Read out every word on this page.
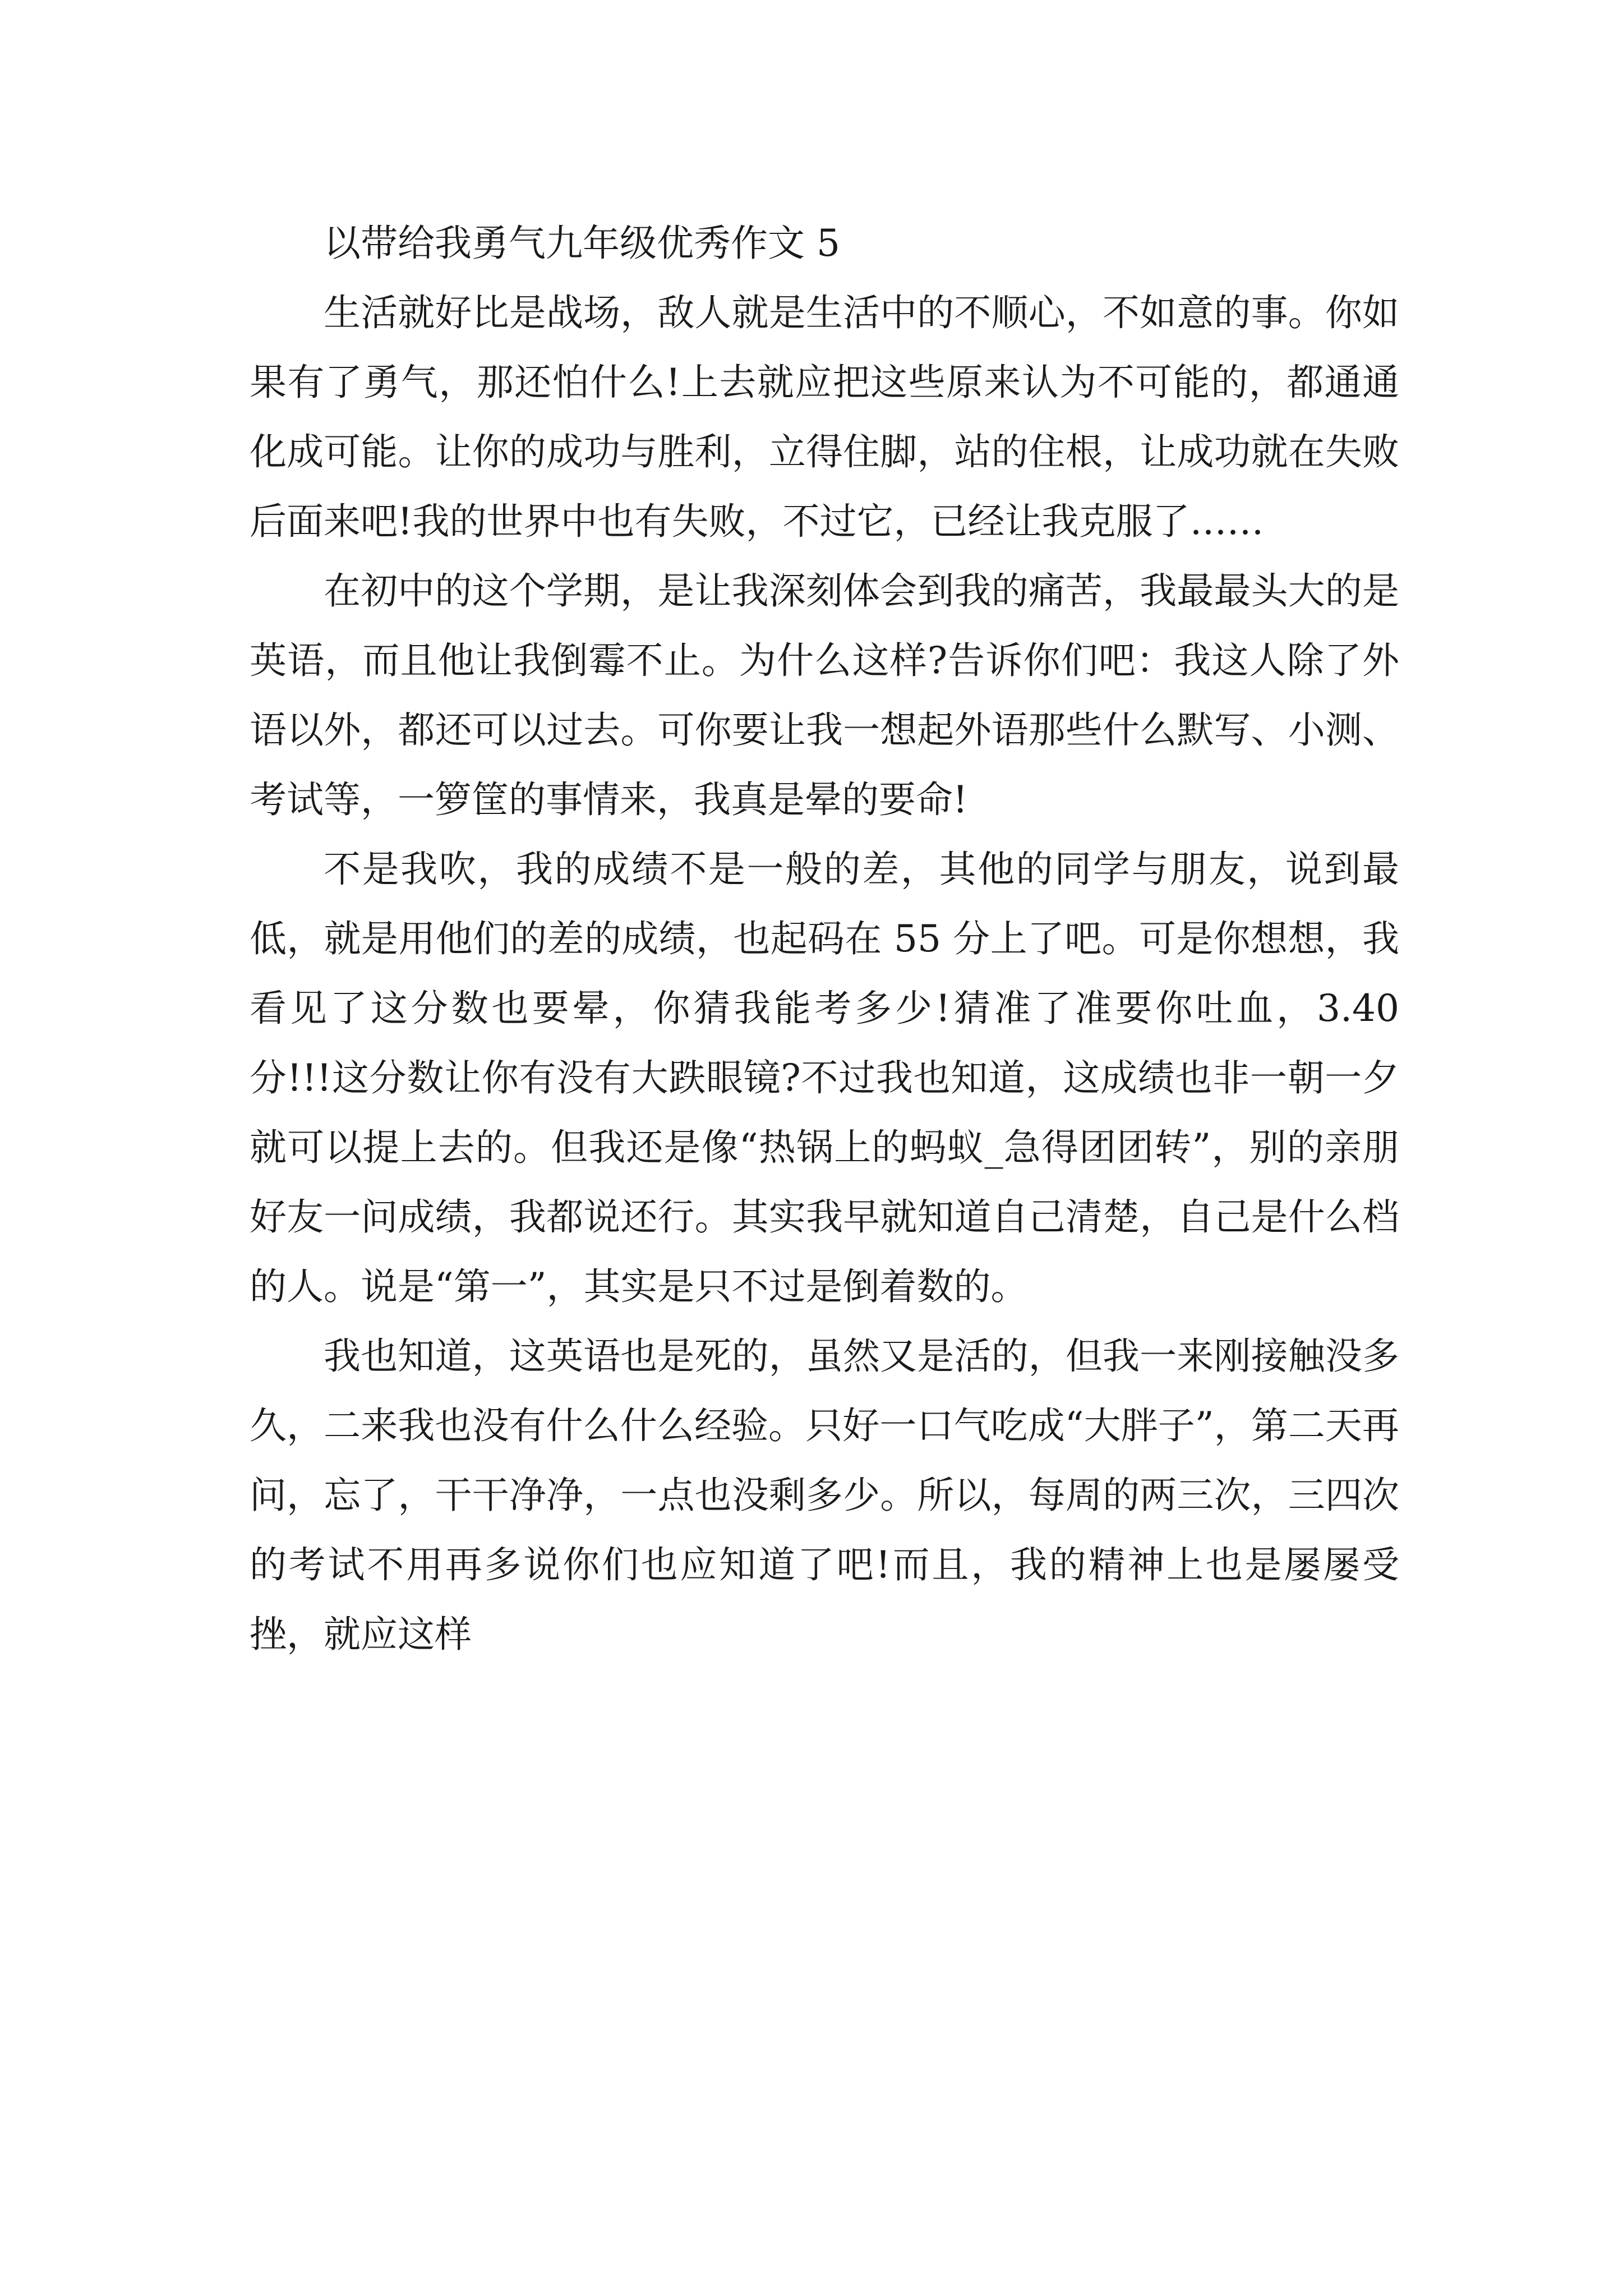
以带给我勇气九年级优秀作文 5

生活就好比是战场，敌人就是生活中的不顺心，不如意的事。你如果有了勇气，那还怕什么!上去就应把这些原来认为不可能的，都通通化成可能。让你的成功与胜利，立得住脚，站的住根，让成功就在失败后面来吧!我的世界中也有失败，不过它，已经让我克服了……

在初中的这个学期，是让我深刻体会到我的痛苦，我最最头大的是英语，而且他让我倒霉不止。为什么这样?告诉你们吧：我这人除了外语以外，都还可以过去。可你要让我一想起外语那些什么默写、小测、考试等，一箩筐的事情来，我真是晕的要命!

不是我吹，我的成绩不是一般的差，其他的同学与朋友，说到最低，就是用他们的差的成绩，也起码在 55 分上了吧。可是你想想，我看见了这分数也要晕，你猜我能考多少!猜准了准要你吐血，3.40 分!!!这分数让你有没有大跌眼镜?不过我也知道，这成绩也非一朝一夕就可以提上去的。但我还是像“热锅上的蚂蚁_急得团团转”，别的亲朋好友一问成绩，我都说还行。其实我早就知道自己清楚，自己是什么档的人。说是“第一”，其实是只不过是倒着数的。

我也知道，这英语也是死的，虽然又是活的，但我一来刚接触没多久，二来我也没有什么什么经验。只好一口气吃成“大胖子”，第二天再问，忘了，干干净净，一点也没剩多少。所以，每周的两三次，三四次的考试不用再多说你们也应知道了吧!而且，我的精神上也是屡屡受挫，就应这样
